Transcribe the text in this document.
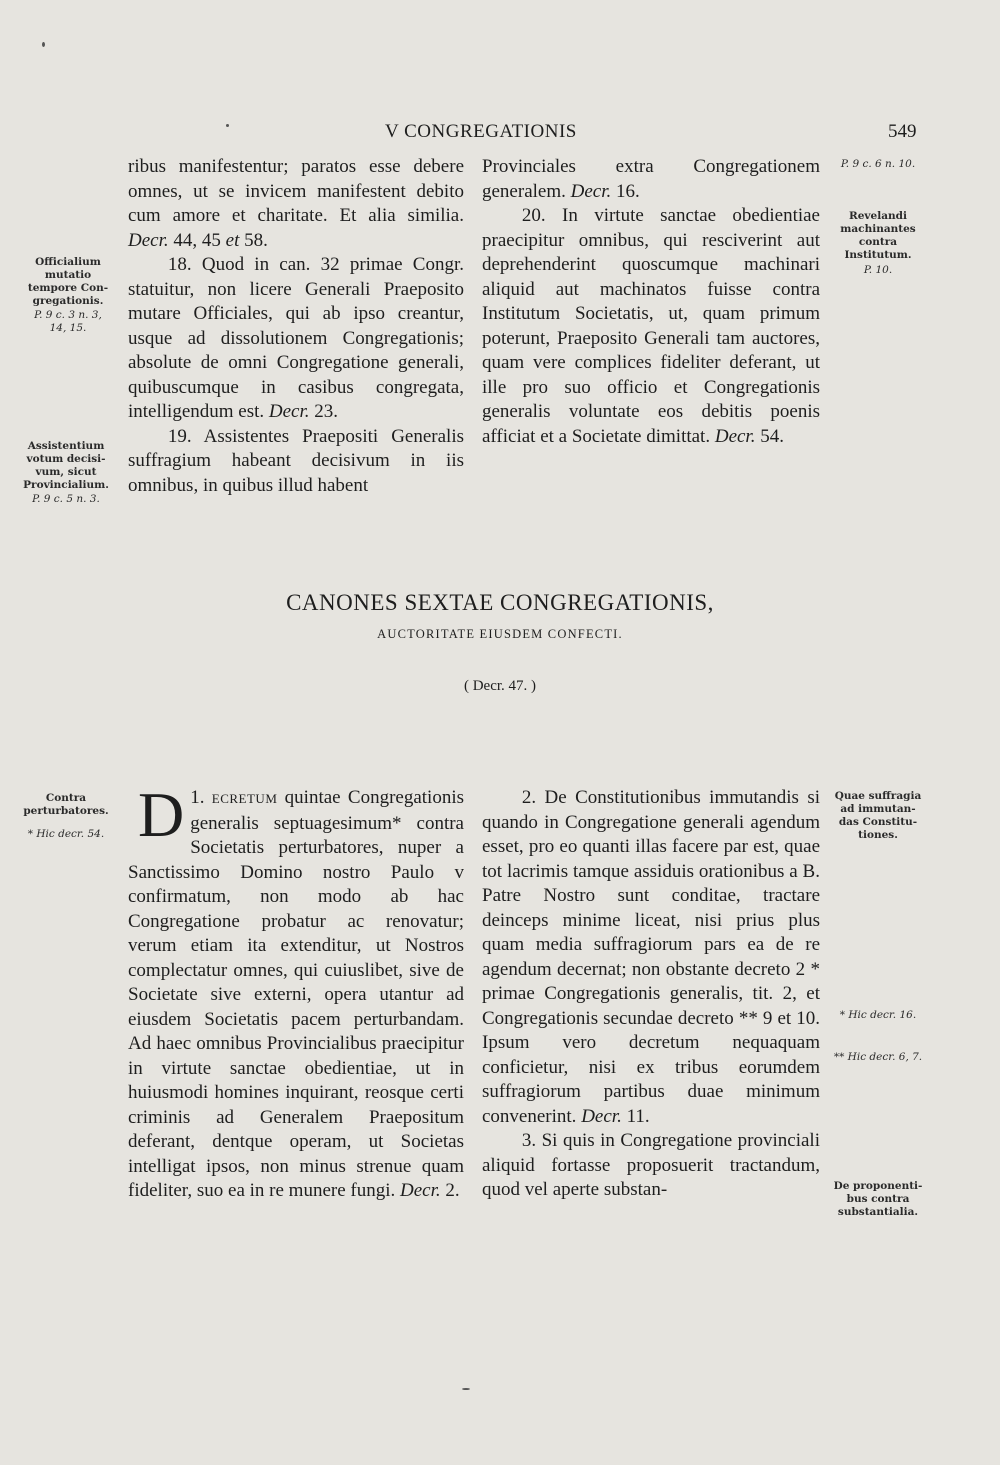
V CONGREGATIONIS	549

ribus manifestentur; paratos esse debere omnes, ut se invicem manifestent debito cum amore et charitate. Et alia similia. Decr. 44, 45 et 58.

18. Quod in can. 32 primae Congr. statuitur, non licere Generali Praeposito mutare Officiales, qui ab ipso creantur, usque ad dissolutionem Congregationis; absolute de omni Congregatione generali, quibuscumque in casibus congregata, intelligendum est. Decr. 23.

19. Assistentes Praepositi Generalis suffragium habeant decisivum in iis omnibus, in quibus illud habent

Provinciales extra Congregationem generalem. Decr. 16.

20. In virtute sanctae obedientiae praecipitur omnibus, qui resciverint aut deprehenderint quoscumque machinari aliquid aut machinatos fuisse contra Institutum Societatis, ut, quam primum poterunt, Praeposito Generali tam auctores, quam vere complices fideliter deferant, ut ille pro suo officio et Congregationis generalis voluntate eos debitis poenis afficiat et a Societate dimittat. Decr. 54.

CANONES SEXTAE CONGREGATIONIS,
AUCTORITATE EIUSDEM CONFECTI.
( Decr. 47. )

1.
D ECRETUM quintae Congregationis generalis septuagesimum* contra Societatis perturbatores, nuper a Sanctissimo Domino nostro Paulo v confirmatum, non modo ab hac Congregatione probatur ac renovatur; verum etiam ita extenditur, ut Nostros complectatur omnes, qui cuiuslibet, sive de Societate sive externi, opera utantur ad eiusdem Societatis pacem perturbandam. Ad haec omnibus Provincialibus praecipitur in virtute sanctae obedientiae, ut in huiusmodi homines inquirant, reosque certi criminis ad Generalem Praepositum deferant, dentque operam, ut Societas intelligat ipsos, non minus strenue quam fideliter, suo ea in re munere fungi. Decr. 2.

2. De Constitutionibus immutandis si quando in Congregatione generali agendum esset, pro eo quanti illas facere par est, quae tot lacrimis tamque assiduis orationibus a B. Patre Nostro sunt conditae, tractare deinceps minime liceat, nisi prius plus quam media suffragiorum pars ea de re agendum decernat; non obstante decreto 2 * primae Congregationis generalis, tit. 2, et Congregationis secundae decreto ** 9 et 10. Ipsum vero decretum nequaquam conficietur, nisi ex tribus eorumdem suffragiorum partibus duae minimum convenerint. Decr. 11.

3. Si quis in Congregatione provinciali aliquid fortasse proposuerit tractandum, quod vel aperte substan-

Officialium
mutatio
tempore Con-
gregationis.
P. 9 c. 3 n. 3,
14, 15.
Assistentium
votum decisi-
vum, sicut
Provincialium.
P. 9 c. 5 n. 3.
Contra
perturbatores.
* Hic decr. 54.
P. 9 c. 6 n. 10.
Revelandi
machinantes
contra
Institutum.
P. 10.
Quae suffragia
ad immutan-
das Constitu-
tiones.
* Hic decr. 16.
** Hic decr. 6, 7.
De proponenti-
bus contra
substantialia.
